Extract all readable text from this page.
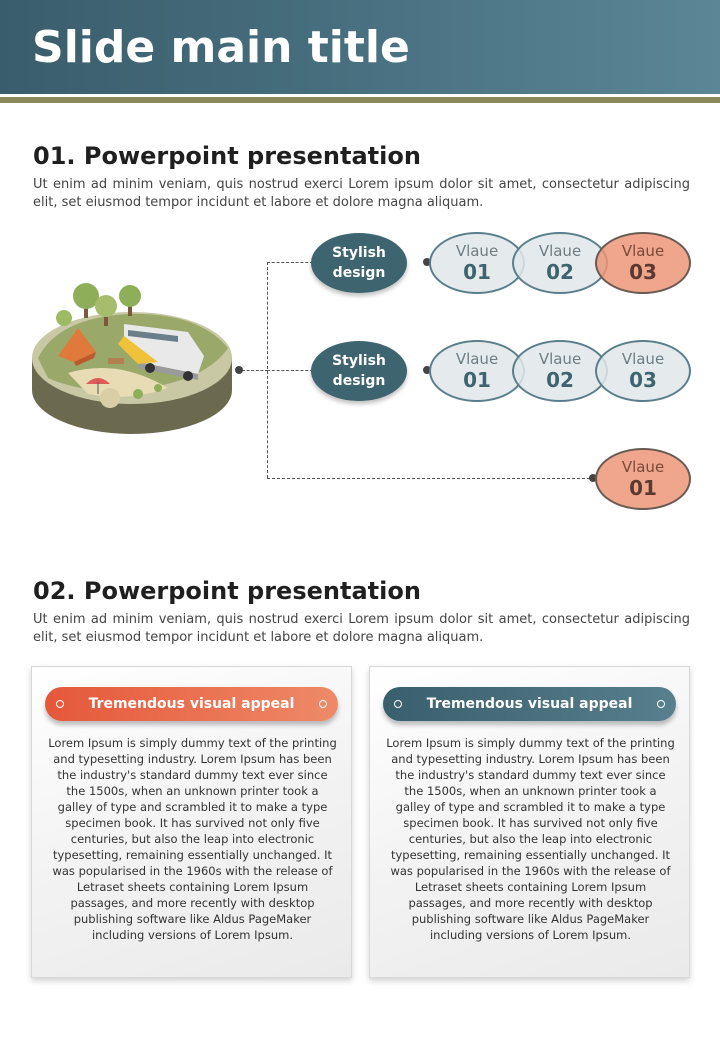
Slide main title
01. Powerpoint presentation
Ut enim ad minim veniam, quis nostrud exerci Lorem ipsum dolor sit amet, consectetur adipiscing elit, set eiusmod tempor incidunt et labore et dolore magna aliquam.
Stylish design
Vlaue
01
Vlaue
02
Vlaue
03
Stylish design
Vlaue
01
Vlaue
02
Vlaue
03
Vlaue
01
02. Powerpoint presentation
Ut enim ad minim veniam, quis nostrud exerci Lorem ipsum dolor sit amet, consectetur adipiscing elit, set eiusmod tempor incidunt et labore et dolore magna aliquam.
Tremendous visual appeal
Lorem Ipsum is simply dummy text of the printing and typesetting industry. Lorem Ipsum has been the industry's standard dummy text ever since the 1500s, when an unknown printer took a galley of type and scrambled it to make a type specimen book. It has survived not only five centuries, but also the leap into electronic typesetting, remaining essentially unchanged. It was popularised in the 1960s with the release of Letraset sheets containing Lorem Ipsum passages, and more recently with desktop publishing software like Aldus PageMaker including versions of Lorem Ipsum.
Tremendous visual appeal
Lorem Ipsum is simply dummy text of the printing and typesetting industry. Lorem Ipsum has been the industry's standard dummy text ever since the 1500s, when an unknown printer took a galley of type and scrambled it to make a type specimen book. It has survived not only five centuries, but also the leap into electronic typesetting, remaining essentially unchanged. It was popularised in the 1960s with the release of Letraset sheets containing Lorem Ipsum passages, and more recently with desktop publishing software like Aldus PageMaker including versions of Lorem Ipsum.
